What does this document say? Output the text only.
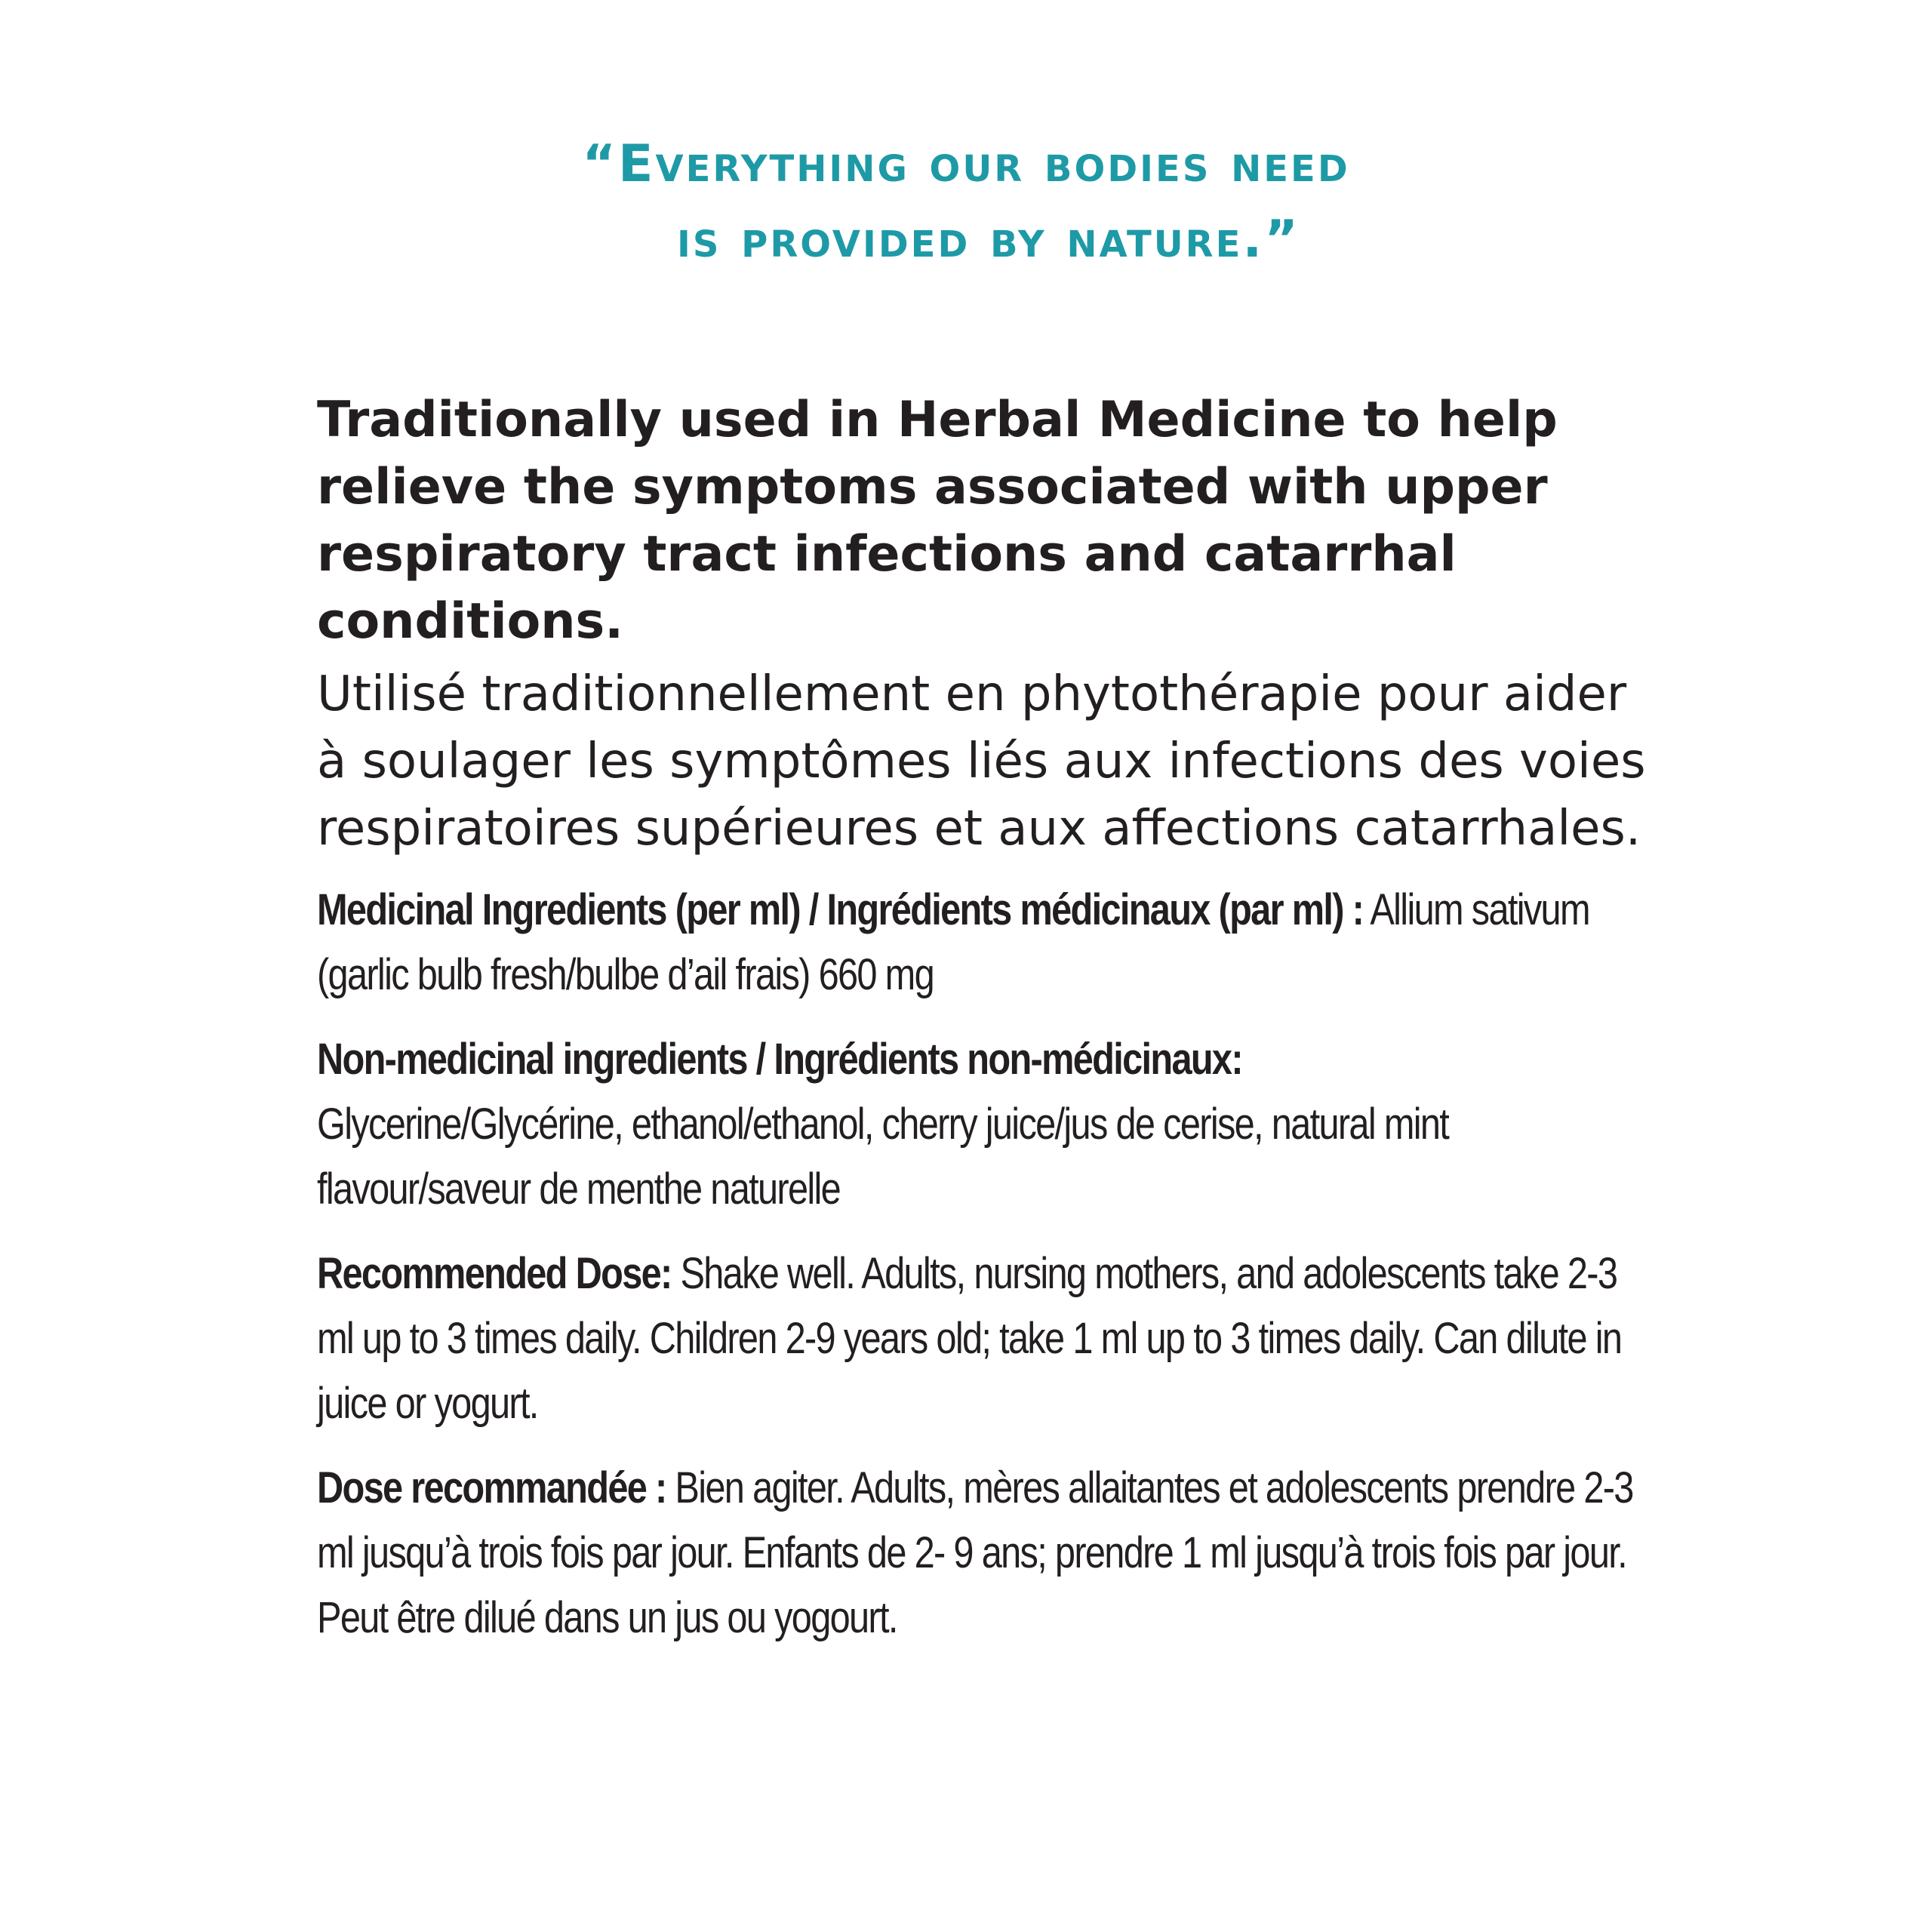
“Everything our bodies need
is provided by nature.”

Traditionally used in Herbal Medicine to help relieve the symptoms associated with upper respiratory tract infections and catarrhal conditions.

Utilisé traditionnellement en phytothérapie pour aider à soulager les symptômes liés aux infections des voies respiratoires supérieures et aux affections catarrhales.

Medicinal Ingredients (per ml) / Ingrédients médicinaux (par ml) : Allium sativum (garlic bulb fresh/bulbe d’ail frais) 660 mg

Non-medicinal ingredients / Ingrédients non-médicinaux:
Glycerine/Glycérine, ethanol/ethanol, cherry juice/jus de cerise, natural mint flavour/saveur de menthe naturelle

Recommended Dose: Shake well. Adults, nursing mothers, and adolescents take 2-3 ml up to 3 times daily. Children 2-9 years old; take 1 ml up to 3 times daily. Can dilute in juice or yogurt.

Dose recommandée : Bien agiter. Adults, mères allaitantes et adolescents prendre 2-3 ml jusqu’à trois fois par jour. Enfants de 2- 9 ans; prendre 1 ml jusqu’à trois fois par jour. Peut être dilué dans un jus ou yogourt.
